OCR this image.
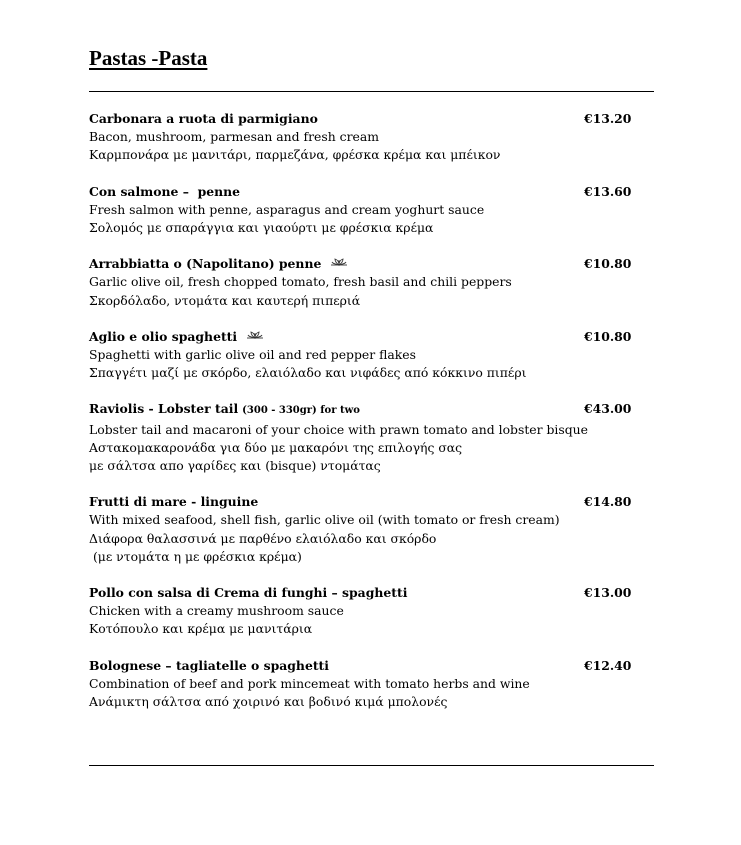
Pastas -Pasta
Carbonara a ruota di parmigiano	€13.20
Bacon, mushroom, parmesan and fresh cream
Καρμπονάρα με μανιτάρι, παρμεζάνα, φρέσκα κρέμα και μπέικον
Con salmone –  penne	€13.60
Fresh salmon with penne, asparagus and cream yoghurt sauce
Σολομός με σπαράγγια και γιαούρτι με φρέσκια κρέμα
Arrabbiatta o (Napolitano) penne	€10.80
Garlic olive oil, fresh chopped tomato, fresh basil and chili peppers
Σκορδόλαδο, ντομάτα και καυτερή πιπεριά
Aglio e olio spaghetti	€10.80
Spaghetti with garlic olive oil and red pepper flakes
Σπαγγέτι μαζί με σκόρδο, ελαιόλαδο και νιφάδες από κόκκινο πιπέρι
Raviolis - Lobster tail (300 - 330gr) for two	€43.00
Lobster tail and macaroni of your choice with prawn tomato and lobster bisque
Αστακομακαρονάδα για δύο με μακαρόνι της επιλογής σας
με σάλτσα απο γαρίδες και (bisque) ντομάτας
Frutti di mare - linguine	€14.80
With mixed seafood, shell fish, garlic olive oil (with tomato or fresh cream)
Διάφορα θαλασσινά με παρθένο ελαιόλαδο και σκόρδο
(με ντομάτα η με φρέσκια κρέμα)
Pollo con salsa di Crema di funghi – spaghetti	€13.00
Chicken with a creamy mushroom sauce
Κοτόπουλο και κρέμα με μανιτάρια
Bolognese – tagliatelle o spaghetti	€12.40
Combination of beef and pork mincemeat with tomato herbs and wine
Ανάμικτη σάλτσα από χοιρινό και βοδινό κιμά μπολονές
